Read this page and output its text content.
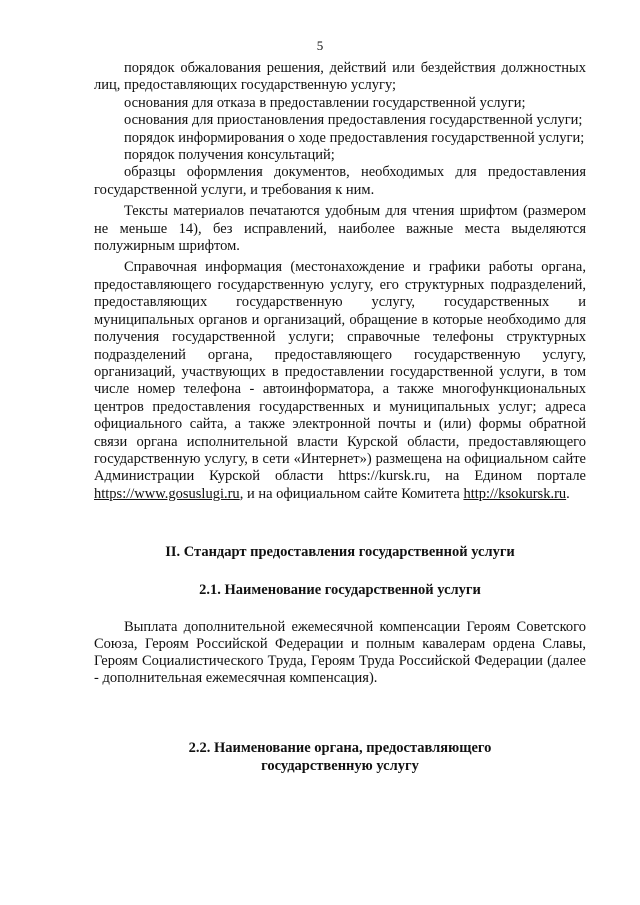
5

порядок обжалования решения, действий или бездействия должностных лиц, предоставляющих государственную услугу;

основания для отказа в предоставлении государственной услуги;

основания для приостановления предоставления государственной услуги;

порядок информирования о ходе предоставления государственной услуги;

порядок получения консультаций;

образцы оформления документов, необходимых для предоставления государственной услуги, и требования к ним.

Тексты материалов печатаются удобным для чтения шрифтом (размером не меньше 14), без исправлений, наиболее важные места выделяются полужирным шрифтом.

Справочная информация (местонахождение и графики работы органа, предоставляющего государственную услугу, его структурных подразделений, предоставляющих государственную услугу, государственных и муниципальных органов и организаций, обращение в которые необходимо для получения государственной услуги; справочные телефоны структурных подразделений органа, предоставляющего государственную услугу, организаций, участвующих в предоставлении государственной услуги, в том числе номер телефона - автоинформатора, а также многофункциональных центров предоставления государственных и муниципальных услуг; адреса официального сайта, а также электронной почты и (или) формы обратной связи органа исполнительной власти Курской области, предоставляющего государственную услугу, в сети «Интернет») размещена на официальном сайте Администрации Курской области https://kursk.ru, на Едином портале https://www.gosuslugi.ru, и на официальном сайте Комитета http://ksokursk.ru.

II. Стандарт предоставления государственной услуги

2.1. Наименование государственной услуги

Выплата дополнительной ежемесячной компенсации Героям Советского Союза, Героям Российской Федерации и полным кавалерам ордена Славы, Героям Социалистического Труда, Героям Труда Российской Федерации (далее - дополнительная ежемесячная компенсация).

2.2. Наименование органа, предоставляющего
государственную услугу
